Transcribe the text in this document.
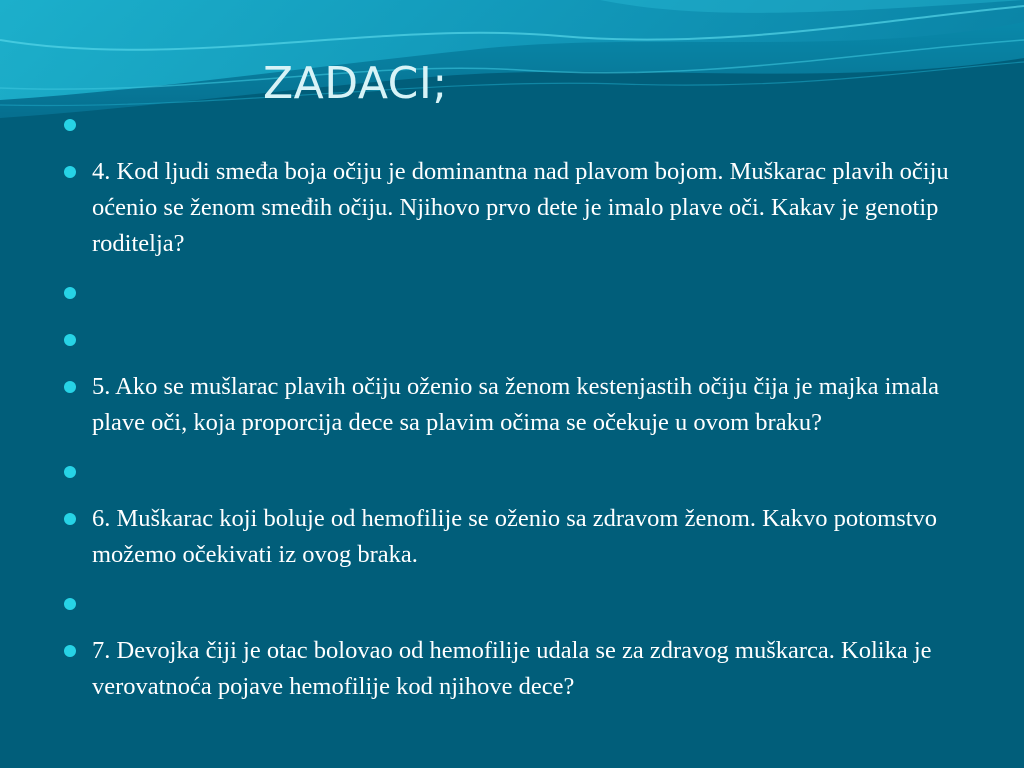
ZADACI;
4. Kod ljudi smeđa boja očiju je dominantna nad plavom bojom. Muškarac plavih očiju oćenio se ženom smeđih očiju. Njihovo prvo dete je imalo plave oči. Kakav je genotip roditelja?
5. Ako se mušlarac plavih očiju oženio sa ženom kestenjastih očiju čija je majka imala plave oči, koja proporcija dece sa plavim očima se očekuje u ovom braku?
6. Muškarac koji boluje od hemofilije se oženio sa zdravom ženom. Kakvo potomstvo možemo očekivati iz ovog braka.
7. Devojka čiji je otac bolovao od hemofilije udala se za zdravog muškarca. Kolika je verovatnoća pojave hemofilije kod njihove dece?
